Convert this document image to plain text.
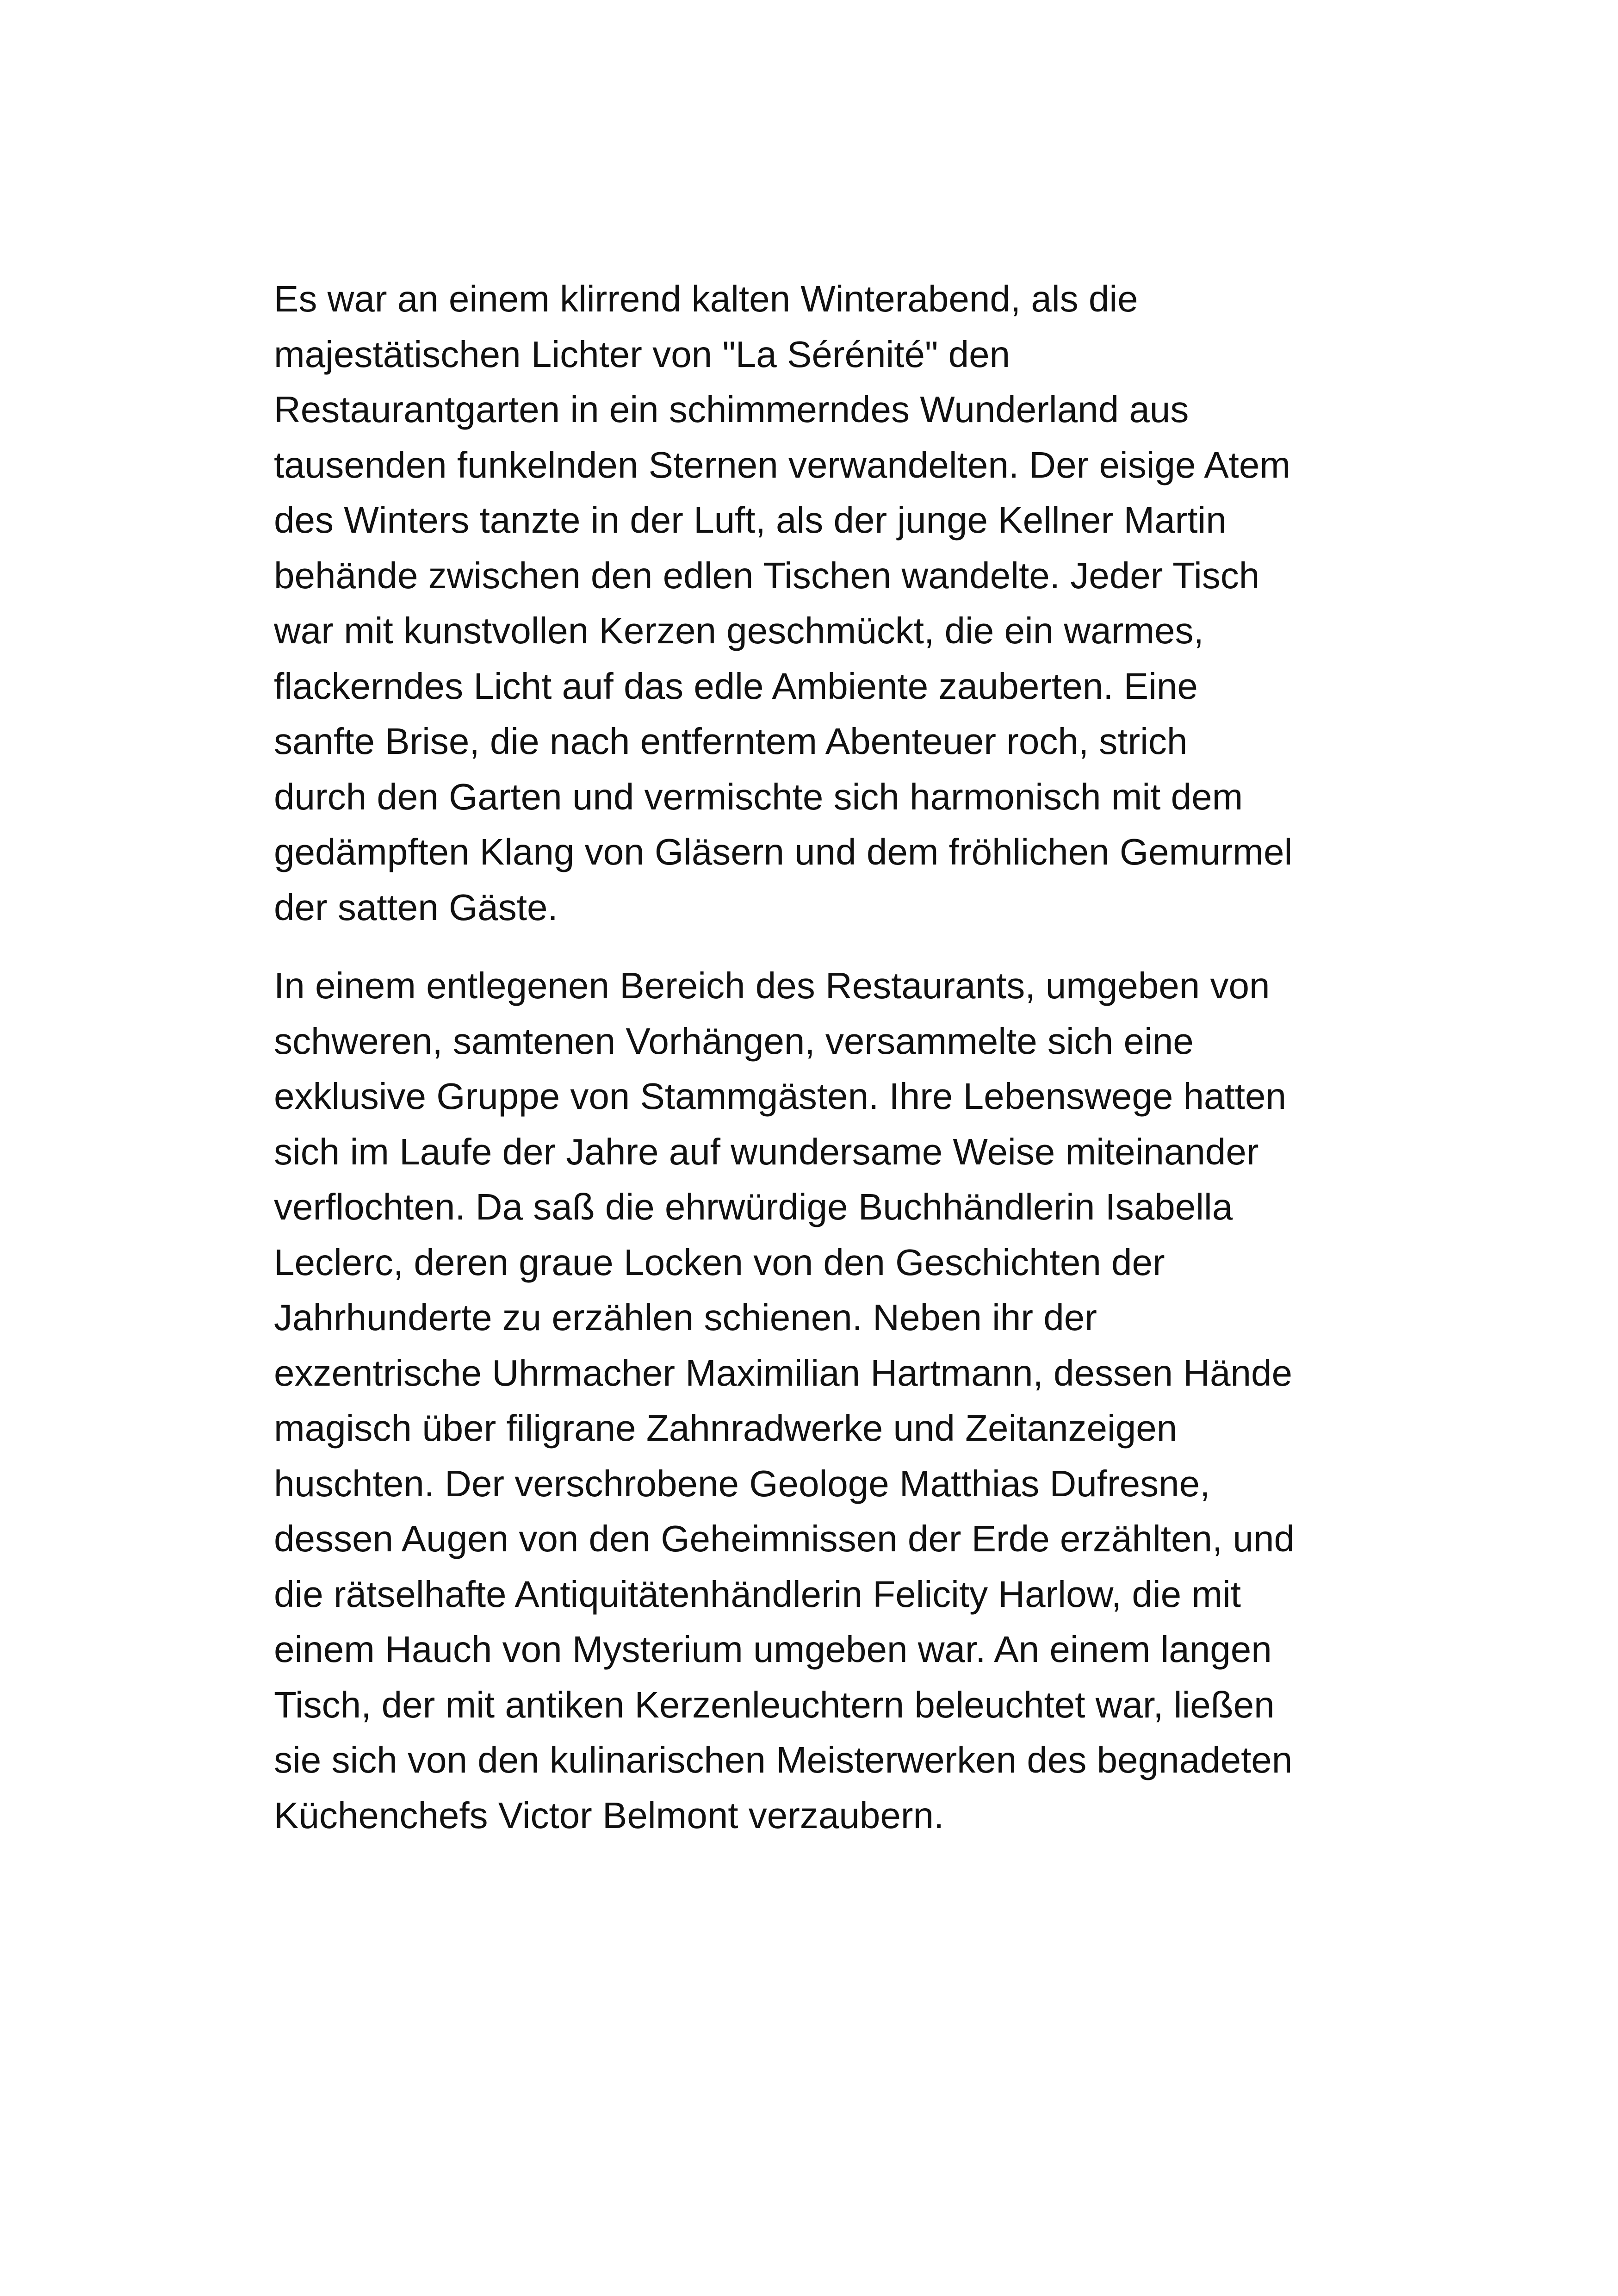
Es war an einem klirrend kalten Winterabend, als die
majestätischen Lichter von "La Sérénité" den
Restaurantgarten in ein schimmerndes Wunderland aus
tausenden funkelnden Sternen verwandelten. Der eisige Atem
des Winters tanzte in der Luft, als der junge Kellner Martin
behände zwischen den edlen Tischen wandelte. Jeder Tisch
war mit kunstvollen Kerzen geschmückt, die ein warmes,
flackerndes Licht auf das edle Ambiente zauberten. Eine
sanfte Brise, die nach entferntem Abenteuer roch, strich
durch den Garten und vermischte sich harmonisch mit dem
gedämpften Klang von Gläsern und dem fröhlichen Gemurmel
der satten Gäste.

In einem entlegenen Bereich des Restaurants, umgeben von
schweren, samtenen Vorhängen, versammelte sich eine
exklusive Gruppe von Stammgästen. Ihre Lebenswege hatten
sich im Laufe der Jahre auf wundersame Weise miteinander
verflochten. Da saß die ehrwürdige Buchhändlerin Isabella
Leclerc, deren graue Locken von den Geschichten der
Jahrhunderte zu erzählen schienen. Neben ihr der
exzentrische Uhrmacher Maximilian Hartmann, dessen Hände
magisch über filigrane Zahnradwerke und Zeitanzeigen
huschten. Der verschrobene Geologe Matthias Dufresne,
dessen Augen von den Geheimnissen der Erde erzählten, und
die rätselhafte Antiquitätenhändlerin Felicity Harlow, die mit
einem Hauch von Mysterium umgeben war. An einem langen
Tisch, der mit antiken Kerzenleuchtern beleuchtet war, ließen
sie sich von den kulinarischen Meisterwerken des begnadeten
Küchenchefs Victor Belmont verzaubern.
